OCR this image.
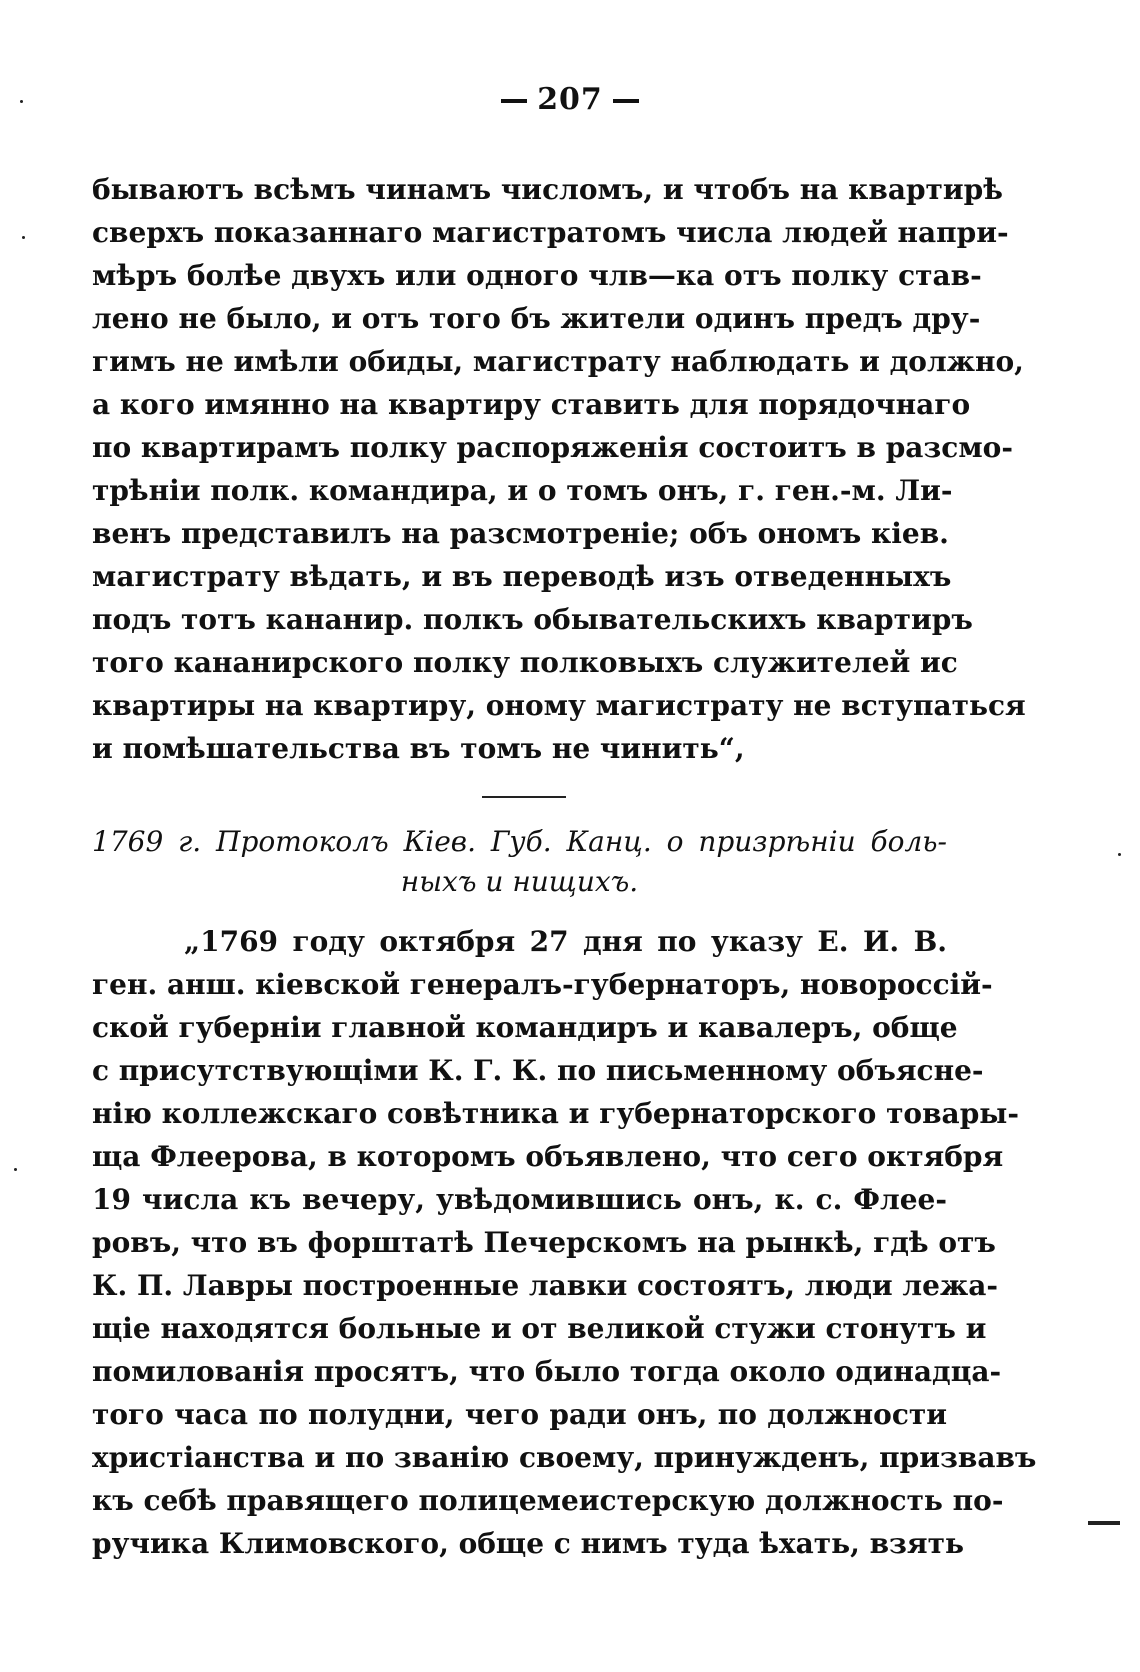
207
бываютъ всѣмъ чинамъ числомъ, и чтобъ на квартирѣ
сверхъ показаннаго магистратомъ числа людей напри-
мѣръ болѣе двухъ или одного члв—ка отъ полку став-
лено не было, и отъ того бъ жители одинъ предъ дру-
гимъ не имѣли обиды, магистрату наблюдать и должно,
а кого имянно на квартиру ставить для порядочнаго
по квартирамъ полку распоряженія состоитъ в разсмо-
трѣніи полк. командира, и о томъ онъ, г. ген.-м. Ли-
венъ представилъ на разсмотреніе; объ ономъ кіев.
магистрату вѣдать, и въ переводѣ изъ отведенныхъ
подъ тотъ кананир. полкъ обывательскихъ квартиръ
того кананирского полку полковыхъ служителей ис
квартиры на квартиру, оному магистрату не вступаться
и помѣшательства въ томъ не чинить“,
1769 г. Протоколъ Кіев. Губ. Канц. о призрѣніи боль-
ныхъ и нищихъ.
„1769 году октября 27 дня по указу Е. И. В.
ген. анш. кіевской генералъ-губернаторъ, новороссій-
ской губерніи главной командиръ и кавалеръ, обще
с присутствующіми К. Г. К. по письменному объясне-
нію коллежскаго совѣтника и губернаторского товары-
ща Флеерова, в которомъ объявлено, что сего октября
19 числа къ вечеру, увѣдомившись онъ, к. с. Флее-
ровъ, что въ форштатѣ Печерскомъ на рынкѣ, гдѣ отъ
К. П. Лавры построенные лавки состоятъ, люди лежа-
щіе находятся больные и от великой стужи стонутъ и
помилованія просятъ, что было тогда около одинадца-
того часа по полудни, чего ради онъ, по должности
христіанства и по званію своему, принужденъ, призвавъ
къ себѣ правящего полицемеистерскую должность по-
ручика Климовского, обще с нимъ туда ѣхать, взять
